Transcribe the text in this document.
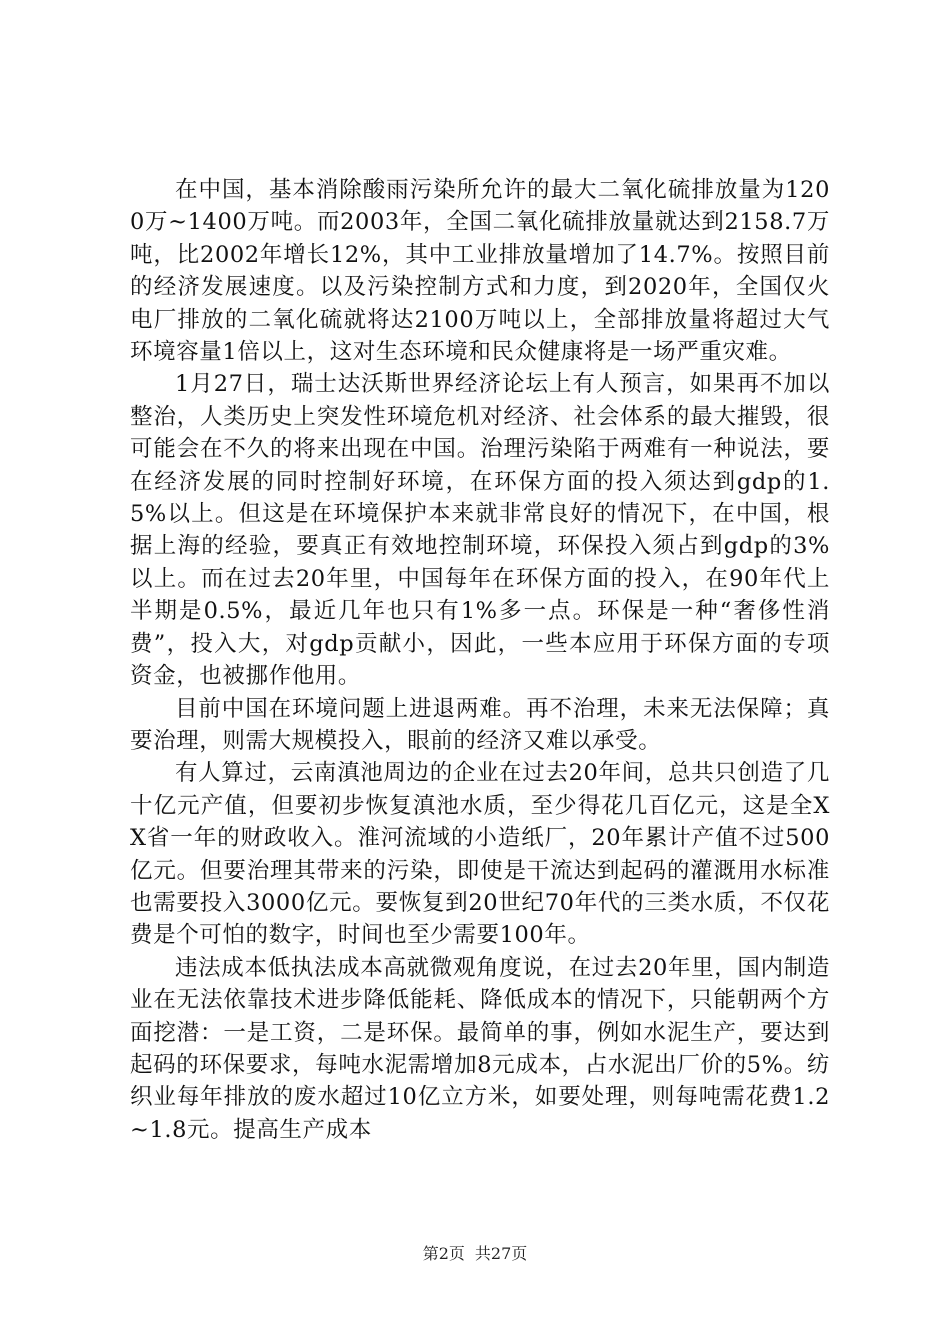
在中国，基本消除酸雨污染所允许的最大二氧化硫排放量为1200万~1400万吨。而2003年，全国二氧化硫排放量就达到2158.7万吨，比2002年增长12%，其中工业排放量增加了14.7%。按照目前的经济发展速度。以及污染控制方式和力度，到2020年，全国仅火电厂排放的二氧化硫就将达2100万吨以上，全部排放量将超过大气环境容量1倍以上，这对生态环境和民众健康将是一场严重灾难。

1月27日，瑞士达沃斯世界经济论坛上有人预言，如果再不加以整治，人类历史上突发性环境危机对经济、社会体系的最大摧毁，很可能会在不久的将来出现在中国。治理污染陷于两难有一种说法，要在经济发展的同时控制好环境，在环保方面的投入须达到gdp的1.5%以上。但这是在环境保护本来就非常良好的情况下，在中国，根据上海的经验，要真正有效地控制环境，环保投入须占到gdp的3%以上。而在过去20年里，中国每年在环保方面的投入，在90年代上半期是0.5%，最近几年也只有1%多一点。环保是一种“奢侈性消费”，投入大，对gdp贡献小，因此，一些本应用于环保方面的专项资金，也被挪作他用。

目前中国在环境问题上进退两难。再不治理，未来无法保障；真要治理，则需大规模投入，眼前的经济又难以承受。

有人算过，云南滇池周边的企业在过去20年间，总共只创造了几十亿元产值，但要初步恢复滇池水质，至少得花几百亿元，这是全XX省一年的财政收入。淮河流域的小造纸厂，20年累计产值不过500亿元。但要治理其带来的污染，即使是干流达到起码的灌溉用水标准也需要投入3000亿元。要恢复到20世纪70年代的三类水质，不仅花费是个可怕的数字，时间也至少需要100年。

违法成本低执法成本高就微观角度说，在过去20年里，国内制造业在无法依靠技术进步降低能耗、降低成本的情况下，只能朝两个方面挖潜：一是工资，二是环保。最简单的事，例如水泥生产，要达到起码的环保要求，每吨水泥需增加8元成本，占水泥出厂价的5%。纺织业每年排放的废水超过10亿立方米，如要处理，则每吨需花费1.2~1.8元。提高生产成本

第2页 共27页
